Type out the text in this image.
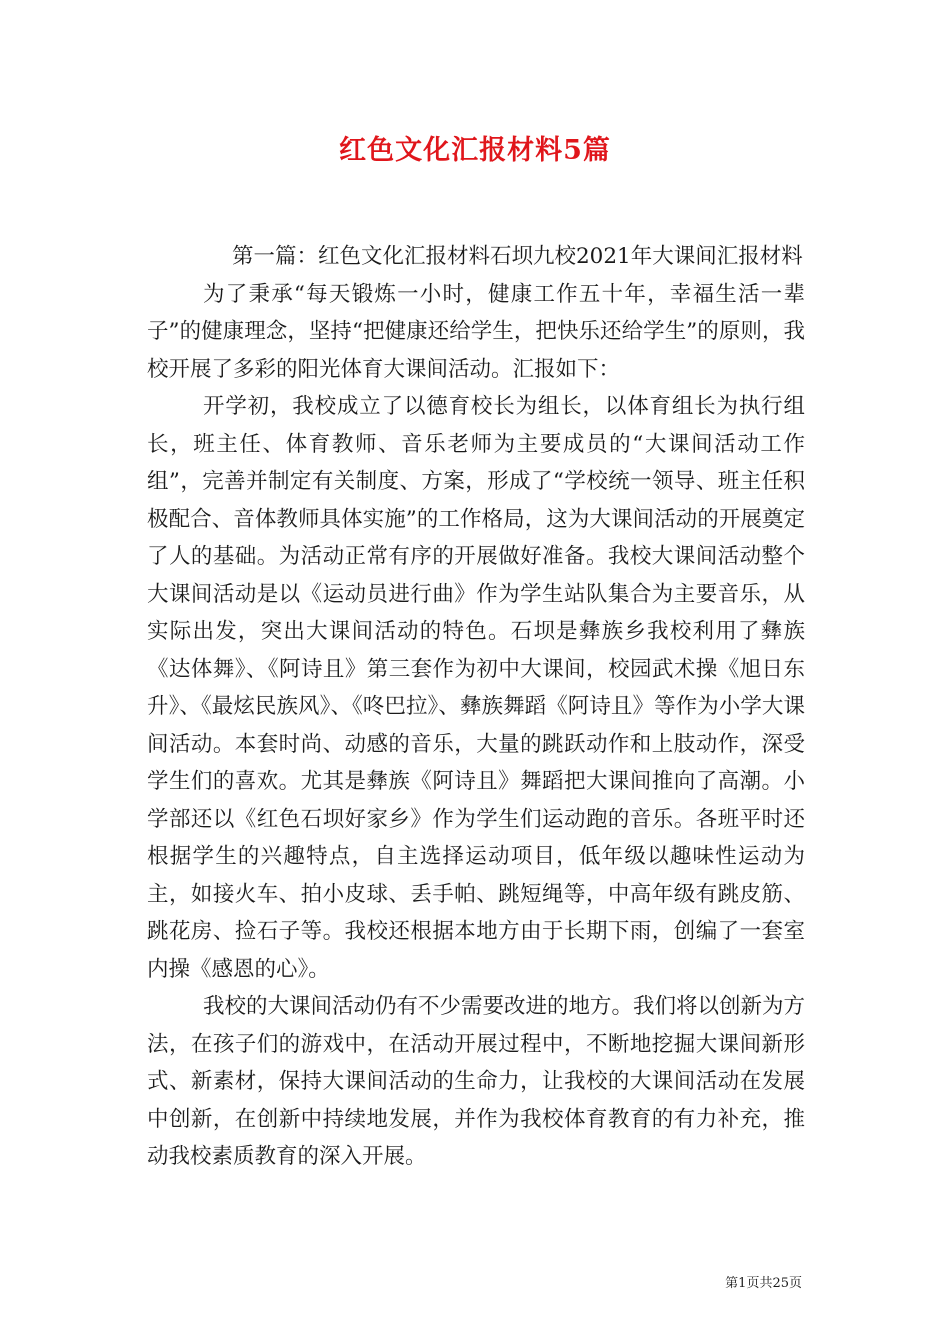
红色文化汇报材料5篇

第一篇：红色文化汇报材料石坝九校2021年大课间汇报材料

为了秉承“每天锻炼一小时，健康工作五十年，幸福生活一辈子”的健康理念，坚持“把健康还给学生，把快乐还给学生”的原则，我校开展了多彩的阳光体育大课间活动。汇报如下：

开学初，我校成立了以德育校长为组长，以体育组长为执行组长，班主任、体育教师、音乐老师为主要成员的“大课间活动工作组”，完善并制定有关制度、方案，形成了“学校统一领导、班主任积极配合、音体教师具体实施”的工作格局，这为大课间活动的开展奠定了人的基础。为活动正常有序的开展做好准备。我校大课间活动整个大课间活动是以《运动员进行曲》作为学生站队集合为主要音乐，从实际出发，突出大课间活动的特色。石坝是彝族乡我校利用了彝族《达体舞》、《阿诗且》第三套作为初中大课间，校园武术操《旭日东升》、《最炫民族风》、《咚巴拉》、彝族舞蹈《阿诗且》等作为小学大课间活动。本套时尚、动感的音乐，大量的跳跃动作和上肢动作，深受学生们的喜欢。尤其是彝族《阿诗且》舞蹈把大课间推向了高潮。小学部还以《红色石坝好家乡》作为学生们运动跑的音乐。各班平时还根据学生的兴趣特点，自主选择运动项目，低年级以趣味性运动为主，如接火车、拍小皮球、丢手帕、跳短绳等，中高年级有跳皮筋、跳花房、捡石子等。我校还根据本地方由于长期下雨，创编了一套室内操《感恩的心》。

我校的大课间活动仍有不少需要改进的地方。我们将以创新为方法，在孩子们的游戏中，在活动开展过程中，不断地挖掘大课间新形式、新素材，保持大课间活动的生命力，让我校的大课间活动在发展中创新，在创新中持续地发展，并作为我校体育教育的有力补充，推动我校素质教育的深入开展。

第1页共25页
